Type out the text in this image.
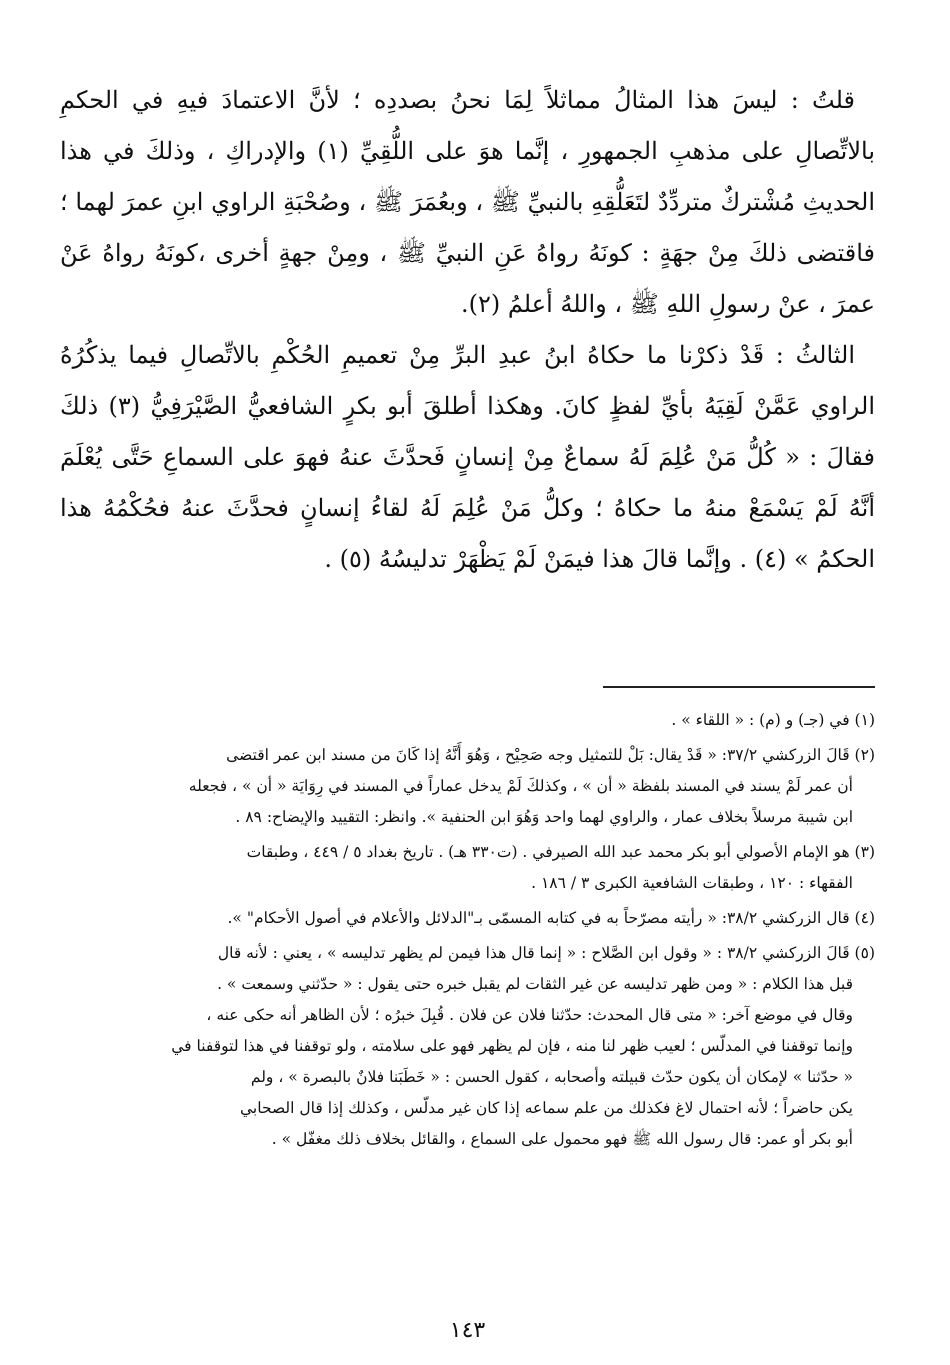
قلتُ : ليسَ هذا المثالُ مماثلاً لِمَا نحنُ بصددِه ؛ لأنَّ الاعتمادَ فيهِ في الحكمِ بالاتِّصالِ على مذهبِ الجمهورِ ، إنَّما هوَ على اللُّقِيِّ (١) والإدراكِ ، وذلكَ في هذا الحديثِ مُشْتركٌ متردِّدٌ لتَعَلُّقِهِ بالنبيِّ ﷺ ، وبعُمَرَ ﷺ ، وصُحْبَةِ الراوي ابنِ عمرَ لهما ؛ فاقتضى ذلكَ مِنْ جهَةٍ : كونَهُ رواهُ عَنِ النبيِّ ﷺ ، ومِنْ جهةٍ أخرى ،كونَهُ رواهُ عَنْ عمرَ ، عنْ رسولِ اللهِ ﷺ ، واللهُ أعلمُ (٢).

الثالثُ : قَدْ ذكرْنا ما حكاهُ ابنُ عبدِ البرِّ مِنْ تعميمِ الحُكْمِ بالاتِّصالِ فيما يذكُرُهُ الراوي عَمَّنْ لَقِيَهُ بأيِّ لفظٍ كانَ. وهكذا أطلقَ أبو بكرٍ الشافعيُّ الصَّيْرَفِيُّ (٣) ذلكَ فقالَ : « كُلُّ مَنْ عُلِمَ لَهُ سماعٌ مِنْ إنسانٍ فَحدَّثَ عنهُ فهوَ على السماعِ حَتَّى يُعْلَمَ أنَّهُ لَمْ يَسْمَعْ منهُ ما حكاهُ ؛ وكلُّ مَنْ عُلِمَ لَهُ لقاءُ إنسانٍ فحدَّثَ عنهُ فحُكْمُهُ هذا الحكمُ » (٤) . وإنَّما قالَ هذا فيمَنْ لَمْ يَظْهَرْ تدليسُهُ (٥) .

(١) في (جـ) و (م) : « اللقاء » .
(٢) قَالَ الزركشي ٣٧/٢: « قَدْ يقال: بَلْ للتمثيل وجه صَحِيْح ، وَهُوَ أَنَّهُ إذا كَانَ من مسند ابن عمر اقتضى
أن عمر لَمْ يسند في المسند بلفظة « أن » ، وكذلكَ لَمْ يدخل عماراً في المسند في رِوَايَة « أن » ، فجعله
ابن شيبة مرسلاً بخلاف عمار ، والراوي لهما واحد وَهُوَ ابن الحنفية ». وانظر: التقييد والإيضاح: ٨٩ .
(٣) هو الإمام الأصولي أبو بكر محمد عبد الله الصيرفي . (ت٣٣٠ هـ) . تاريخ بغداد ٥ / ٤٤٩ ، وطبقات
الفقهاء : ١٢٠ ، وطبقات الشافعية الكبرى ٣ / ١٨٦ .
(٤) قال الزركشي ٣٨/٢: « رأيته مصرّحاً به في كتابه المسمّى بـ"الدلائل والأعلام في أصول الأحكام" ».
(٥) قَالَ الزركشي ٣٨/٢ : « وقول ابن الصَّلاح : « إنما قال هذا فيمن لم يظهر تدليسه » ، يعني : لأنه قال
قبل هذا الكلام : « ومن ظهر تدليسه عن غير الثقات لم يقبل خبره حتى يقول : « حدّثني وسمعت » .
وقال في موضع آخر: « متى قال المحدث: حدّثنا فلان عن فلان . قُبِلَ خبرُه ؛ لأن الظاهر أنه حكى عنه ،
وإنما توقفنا في المدلّس ؛ لعيب ظهر لنا منه ، فإن لم يظهر فهو على سلامته ، ولو توقفنا في هذا لتوقفنا في
« حدّثنا » لإمكان أن يكون حدّث قبيلته وأصحابه ، كقول الحسن : « خَطَبَنا فلانٌ بالبصرة » ، ولم
يكن حاضراً ؛ لأنه احتمال لاغ فكذلك من علم سماعه إذا كان غير مدلّس ، وكذلك إذا قال الصحابي
أبو بكر أو عمر: قال رسول الله ﷺ فهو محمول على السماع ، والقائل بخلاف ذلك مغفّل » .
١٤٣
